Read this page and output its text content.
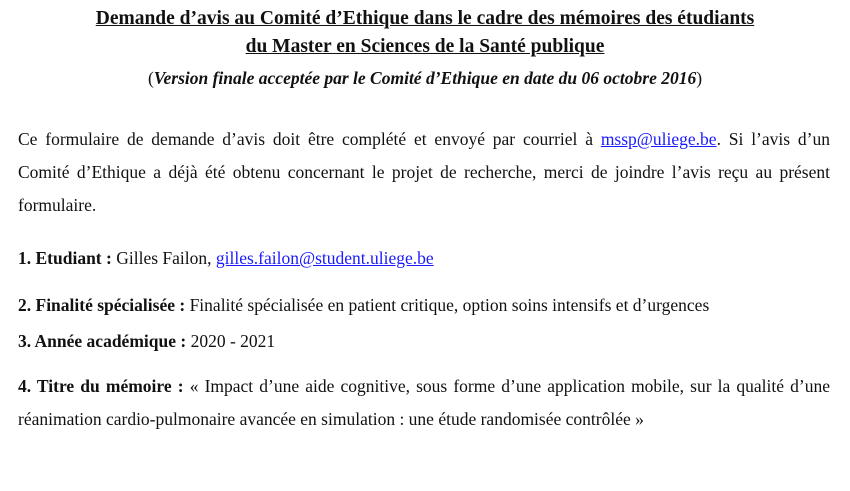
Demande d’avis au Comité d’Ethique dans le cadre des mémoires des étudiants
du Master en Sciences de la Santé publique
(Version finale acceptée par le Comité d’Ethique en date du 06 octobre 2016)
Ce formulaire de demande d’avis doit être complété et envoyé par courriel à mssp@uliege.be. Si l’avis d’un Comité d’Ethique a déjà été obtenu concernant le projet de recherche, merci de joindre l’avis reçu au présent formulaire.
1. Etudiant : Gilles Failon, gilles.failon@student.uliege.be
2. Finalité spécialisée : Finalité spécialisée en patient critique, option soins intensifs et d’urgences
3. Année académique : 2020 - 2021
4. Titre du mémoire : « Impact d’une aide cognitive, sous forme d’une application mobile, sur la qualité d’une réanimation cardio-pulmonaire avancée en simulation : une étude randomisée contrôlée »
